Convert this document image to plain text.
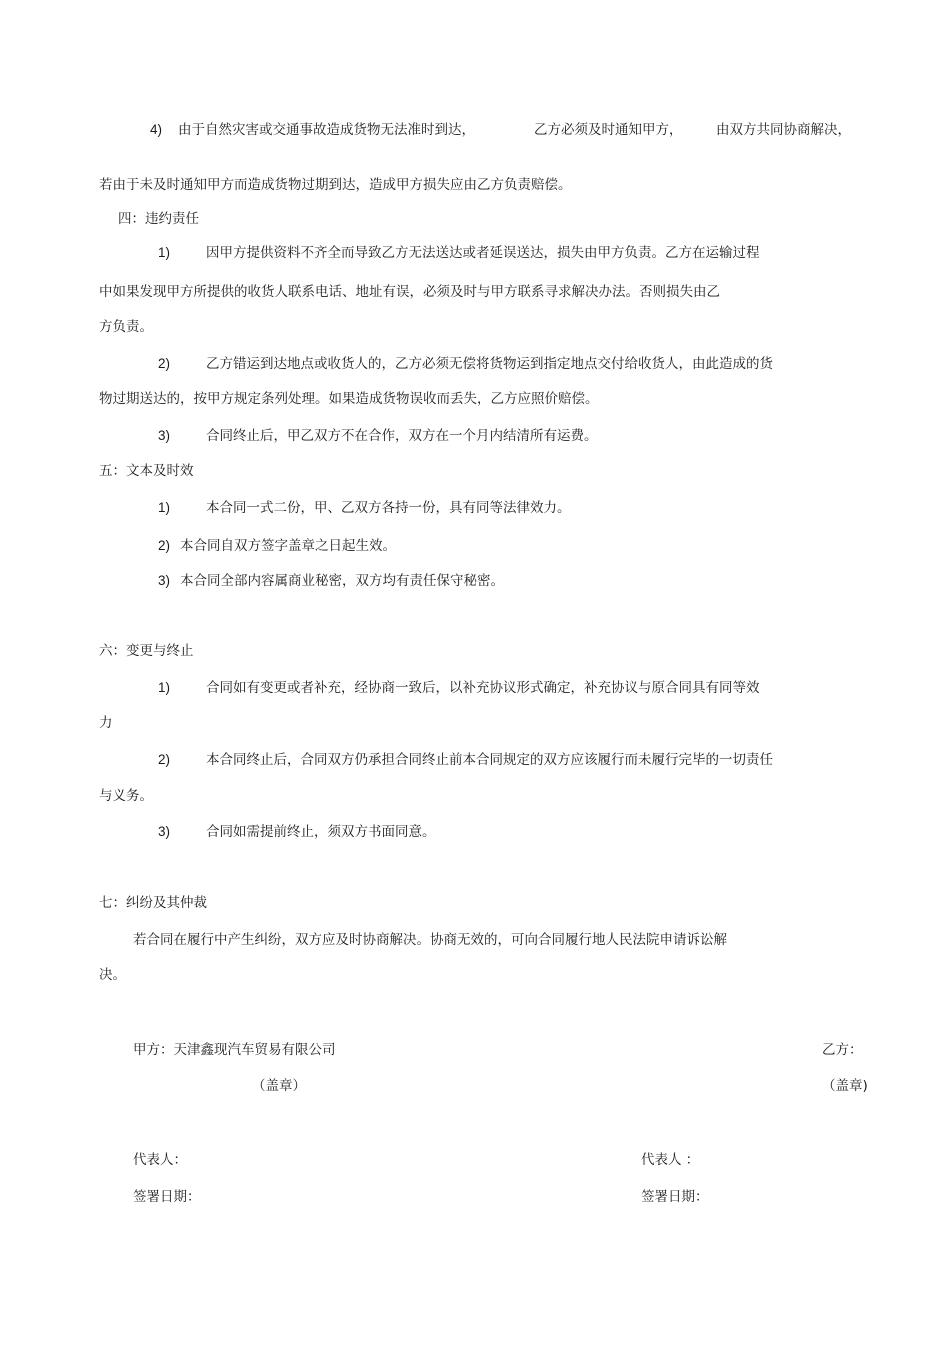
4) 由于自然灾害或交通事故造成货物无法准时到达，	乙方必须及时通知甲方， 由双方共同协商解决，
若由于未及时通知甲方而造成货物过期到达，造成甲方损失应由乙方负责赔偿。
四：违约责任
1)	因甲方提供资料不齐全而导致乙方无法送达或者延误送达，损失由甲方负责。乙方在运输过程
中如果发现甲方所提供的收货人联系电话、地址有误，必须及时与甲方联系寻求解决办法。否则损失由乙
方负责。
2)	乙方错运到达地点或收货人的，乙方必须无偿将货物运到指定地点交付给收货人，由此造成的货
物过期送达的，按甲方规定条列处理。如果造成货物误收而丢失，乙方应照价赔偿。
3)	合同终止后，甲乙双方不在合作，双方在一个月内结清所有运费。
五：文本及时效
1)	本合同一式二份，甲、乙双方各持一份，具有同等法律效力。
2) 本合同自双方签字盖章之日起生效。
3) 本合同全部内容属商业秘密，双方均有责任保守秘密。
六：变更与终止
1)	合同如有变更或者补充，经协商一致后，以补充协议形式确定，补充协议与原合同具有同等效
力
2)	本合同终止后，合同双方仍承担合同终止前本合同规定的双方应该履行而未履行完毕的一切责任
与义务。
3)	合同如需提前终止，须双方书面同意。
七：纠纷及其仲裁
若合同在履行中产生纠纷，双方应及时协商解决。协商无效的，可向合同履行地人民法院申请诉讼解
决。
甲方：天津鑫现汽车贸易有限公司	乙方：
（盖章）	（盖章)
代表人：	代表人 ：
签署日期：	签署日期：
